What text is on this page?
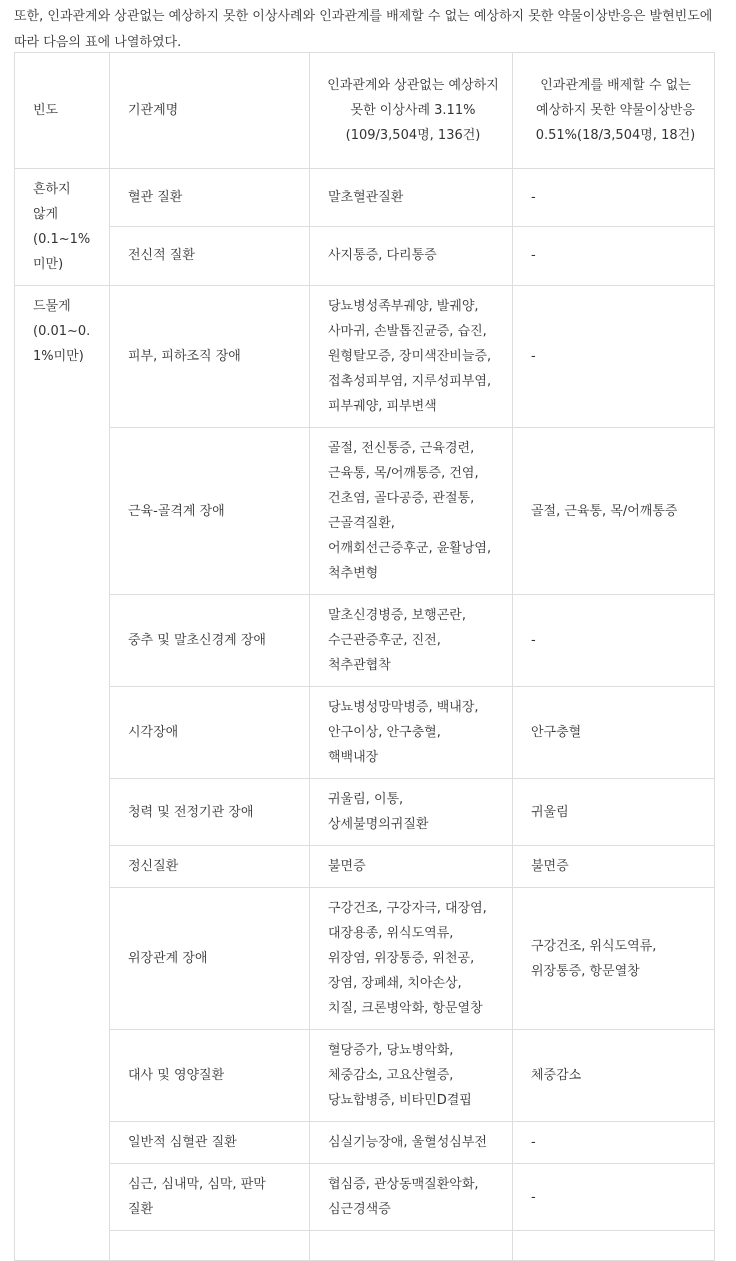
또한, 인과관계와 상관없는 예상하지 못한 이상사례와 인과관계를 배제할 수 없는 예상하지 못한 약물이상반응은 발현빈도에 따라 다음의 표에 나열하였다.

빈도	기관계명	인과관계와 상관없는 예상하지 못한 이상사례 3.11%(109/3,504명, 136건)	인과관계를 배제할 수 없는 예상하지 못한 약물이상반응 0.51%(18/3,504명, 18건)
흔하지 않게 (0.1~1% 미만)	혈관 질환	말초혈관질환	-
	전신적 질환	사지통증, 다리통증	-
드물게 (0.01~0.1%미만)	피부, 피하조직 장애	당뇨병성족부궤양, 발궤양, 사마귀, 손발톱진균증, 습진, 원형탈모증, 장미색잔비늘증, 접촉성피부염, 지루성피부염, 피부궤양, 피부변색	-
	근육-골격계 장애	골절, 전신통증, 근육경련, 근육통, 목/어깨통증, 건염, 건초염, 골다공증, 관절통, 근골격질환, 어깨회선근증후군, 윤활낭염, 척추변형	골절, 근육통, 목/어깨통증
	중추 및 말초신경계 장애	말초신경병증, 보행곤란, 수근관증후군, 진전, 척추관협착	-
	시각장애	당뇨병성망막병증, 백내장, 안구이상, 안구충혈, 핵백내장	안구충혈
	청력 및 전정기관 장애	귀울림, 이통, 상세불명의귀질환	귀울림
	정신질환	불면증	불면증
	위장관계 장애	구강건조, 구강자극, 대장염, 대장용종, 위식도역류, 위장염, 위장통증, 위천공, 장염, 장폐쇄, 치아손상, 치질, 크론병악화, 항문열창	구강건조, 위식도역류, 위장통증, 항문열창
	대사 및 영양질환	혈당증가, 당뇨병악화, 체중감소, 고요산혈증, 당뇨합병증, 비타민D결핍	체중감소
	일반적 심혈관 질환	심실기능장애, 울혈성심부전	-
	심근, 심내막, 심막, 판막 질환	협심증, 관상동맥질환악화, 심근경색증	-
